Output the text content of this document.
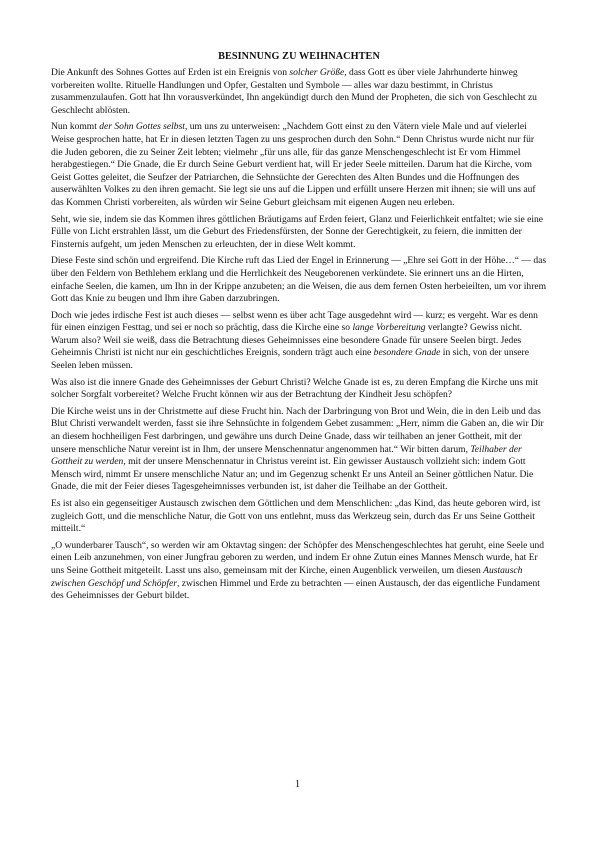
BESINNUNG ZU WEIHNACHTEN

Die Ankunft des Sohnes Gottes auf Erden ist ein Ereignis von solcher Größe, dass Gott es über viele Jahrhunderte hinweg vorbereiten wollte. Rituelle Handlungen und Opfer, Gestalten und Symbole — alles war dazu bestimmt, in Christus zusammenzulaufen. Gott hat Ihn vorausverkündet, Ihn angekündigt durch den Mund der Propheten, die sich von Geschlecht zu Geschlecht ablösten.

Nun kommt der Sohn Gottes selbst, um uns zu unterweisen: „Nachdem Gott einst zu den Vätern viele Male und auf vielerlei Weise gesprochen hatte, hat Er in diesen letzten Tagen zu uns gesprochen durch den Sohn.“ Denn Christus wurde nicht nur für die Juden geboren, die zu Seiner Zeit lebten; vielmehr „für uns alle, für das ganze Menschengeschlecht ist Er vom Himmel herabgestiegen.“ Die Gnade, die Er durch Seine Geburt verdient hat, will Er jeder Seele mitteilen. Darum hat die Kirche, vom Geist Gottes geleitet, die Seufzer der Patriarchen, die Sehnsüchte der Gerechten des Alten Bundes und die Hoffnungen des auserwählten Volkes zu den ihren gemacht. Sie legt sie uns auf die Lippen und erfüllt unsere Herzen mit ihnen; sie will uns auf das Kommen Christi vorbereiten, als würden wir Seine Geburt gleichsam mit eigenen Augen neu erleben.

Seht, wie sie, indem sie das Kommen ihres göttlichen Bräutigams auf Erden feiert, Glanz und Feierlichkeit entfaltet; wie sie eine Fülle von Licht erstrahlen lässt, um die Geburt des Friedensfürsten, der Sonne der Gerechtigkeit, zu feiern, die inmitten der Finsternis aufgeht, um jeden Menschen zu erleuchten, der in diese Welt kommt.

Diese Feste sind schön und ergreifend. Die Kirche ruft das Lied der Engel in Erinnerung — „Ehre sei Gott in der Höhe…“ — das über den Feldern von Bethlehem erklang und die Herrlichkeit des Neugeborenen verkündete. Sie erinnert uns an die Hirten, einfache Seelen, die kamen, um Ihn in der Krippe anzubeten; an die Weisen, die aus dem fernen Osten herbeieilten, um vor ihrem Gott das Knie zu beugen und Ihm ihre Gaben darzubringen.

Doch wie jedes irdische Fest ist auch dieses — selbst wenn es über acht Tage ausgedehnt wird — kurz; es vergeht. War es denn für einen einzigen Festtag, und sei er noch so prächtig, dass die Kirche eine so lange Vorbereitung verlangte? Gewiss nicht. Warum also? Weil sie weiß, dass die Betrachtung dieses Geheimnisses eine besondere Gnade für unsere Seelen birgt. Jedes Geheimnis Christi ist nicht nur ein geschichtliches Ereignis, sondern trägt auch eine besondere Gnade in sich, von der unsere Seelen leben müssen.

Was also ist die innere Gnade des Geheimnisses der Geburt Christi? Welche Gnade ist es, zu deren Empfang die Kirche uns mit solcher Sorgfalt vorbereitet? Welche Frucht können wir aus der Betrachtung der Kindheit Jesu schöpfen?

Die Kirche weist uns in der Christmette auf diese Frucht hin. Nach der Darbringung von Brot und Wein, die in den Leib und das Blut Christi verwandelt werden, fasst sie ihre Sehnsüchte in folgendem Gebet zusammen: „Herr, nimm die Gaben an, die wir Dir an diesem hochheiligen Fest darbringen, und gewähre uns durch Deine Gnade, dass wir teilhaben an jener Gottheit, mit der unsere menschliche Natur vereint ist in Ihm, der unsere Menschennatur angenommen hat.“ Wir bitten darum, Teilhaber der Gottheit zu werden, mit der unsere Menschennatur in Christus vereint ist. Ein gewisser Austausch vollzieht sich: indem Gott Mensch wird, nimmt Er unsere menschliche Natur an; und im Gegenzug schenkt Er uns Anteil an Seiner göttlichen Natur. Die Gnade, die mit der Feier dieses Tagesgeheimnisses verbunden ist, ist daher die Teilhabe an der Gottheit.

Es ist also ein gegenseitiger Austausch zwischen dem Göttlichen und dem Menschlichen: „das Kind, das heute geboren wird, ist zugleich Gott, und die menschliche Natur, die Gott von uns entlehnt, muss das Werkzeug sein, durch das Er uns Seine Gottheit mitteilt.“

„O wunderbarer Tausch“, so werden wir am Oktavtag singen: der Schöpfer des Menschengeschlechtes hat geruht, eine Seele und einen Leib anzunehmen, von einer Jungfrau geboren zu werden, und indem Er ohne Zutun eines Mannes Mensch wurde, hat Er uns Seine Gottheit mitgeteilt. Lasst uns also, gemeinsam mit der Kirche, einen Augenblick verweilen, um diesen Austausch zwischen Geschöpf und Schöpfer, zwischen Himmel und Erde zu betrachten — einen Austausch, der das eigentliche Fundament des Geheimnisses der Geburt bildet.

1
